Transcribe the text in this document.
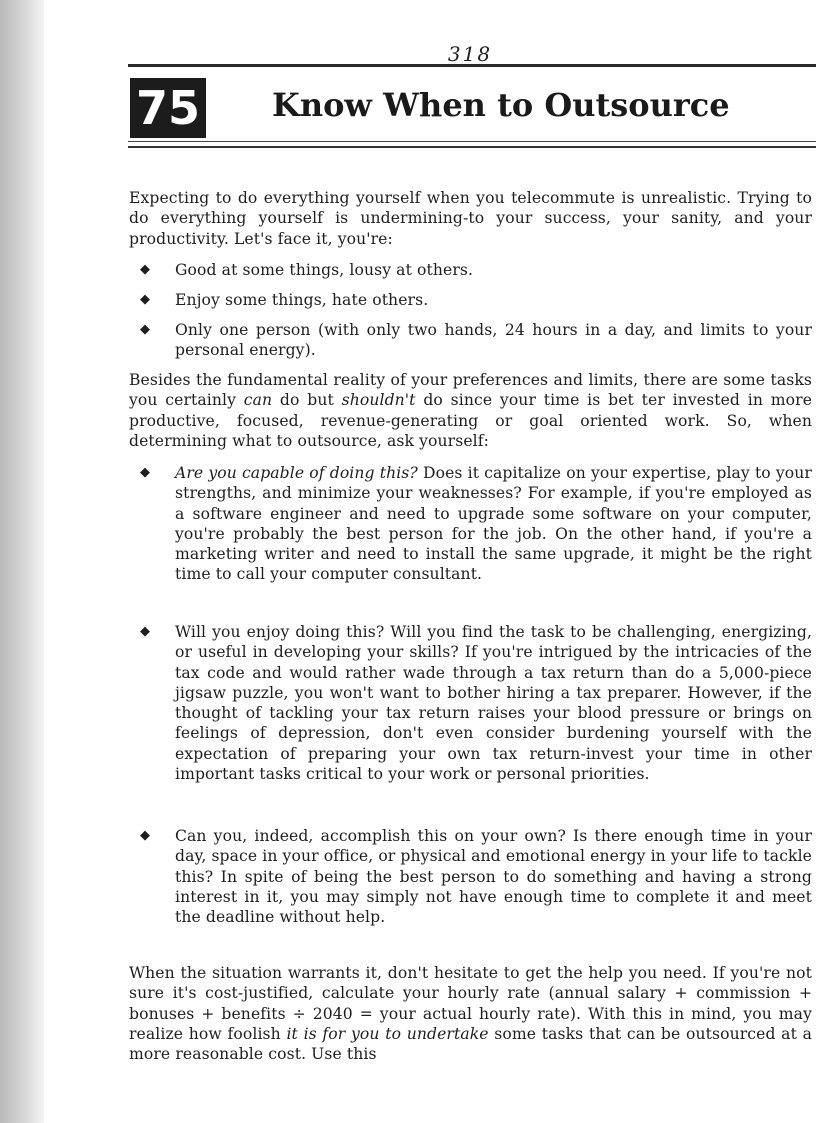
318
75 Know When to Outsource
Expecting to do everything yourself when you telecommute is unrealistic. Trying to do everything yourself is undermining-to your success, your sanity, and your productivity. Let's face it, you're:
◆ Good at some things, lousy at others.
◆ Enjoy some things, hate others.
◆ Only one person (with only two hands, 24 hours in a day, and limits to your personal energy).
Besides the fundamental reality of your preferences and limits, there are some tasks you certainly can do but shouldn't do since your time is bet ter invested in more productive, focused, revenue-generating or goal oriented work. So, when determining what to outsource, ask yourself:
◆ Are you capable of doing this? Does it capitalize on your expertise, play to your strengths, and minimize your weaknesses? For example, if you're employed as a software engineer and need to upgrade some software on your computer, you're probably the best person for the job. On the other hand, if you're a marketing writer and need to install the same upgrade, it might be the right time to call your computer consultant.
◆ Will you enjoy doing this? Will you find the task to be challenging, energizing, or useful in developing your skills? If you're intrigued by the intricacies of the tax code and would rather wade through a tax return than do a 5,000-piece jigsaw puzzle, you won't want to bother hiring a tax preparer. However, if the thought of tackling your tax return raises your blood pressure or brings on feelings of depression, don't even consider burdening yourself with the expectation of preparing your own tax return-invest your time in other important tasks critical to your work or personal priorities.
◆ Can you, indeed, accomplish this on your own? Is there enough time in your day, space in your office, or physical and emotional energy in your life to tackle this? In spite of being the best person to do something and having a strong interest in it, you may simply not have enough time to complete it and meet the deadline without help.
When the situation warrants it, don't hesitate to get the help you need. If you're not sure it's cost-justified, calculate your hourly rate (annual salary + commission + bonuses + benefits ÷ 2040 = your actual hourly rate). With this in mind, you may realize how foolish it is for you to undertake some tasks that can be outsourced at a more reasonable cost. Use this
